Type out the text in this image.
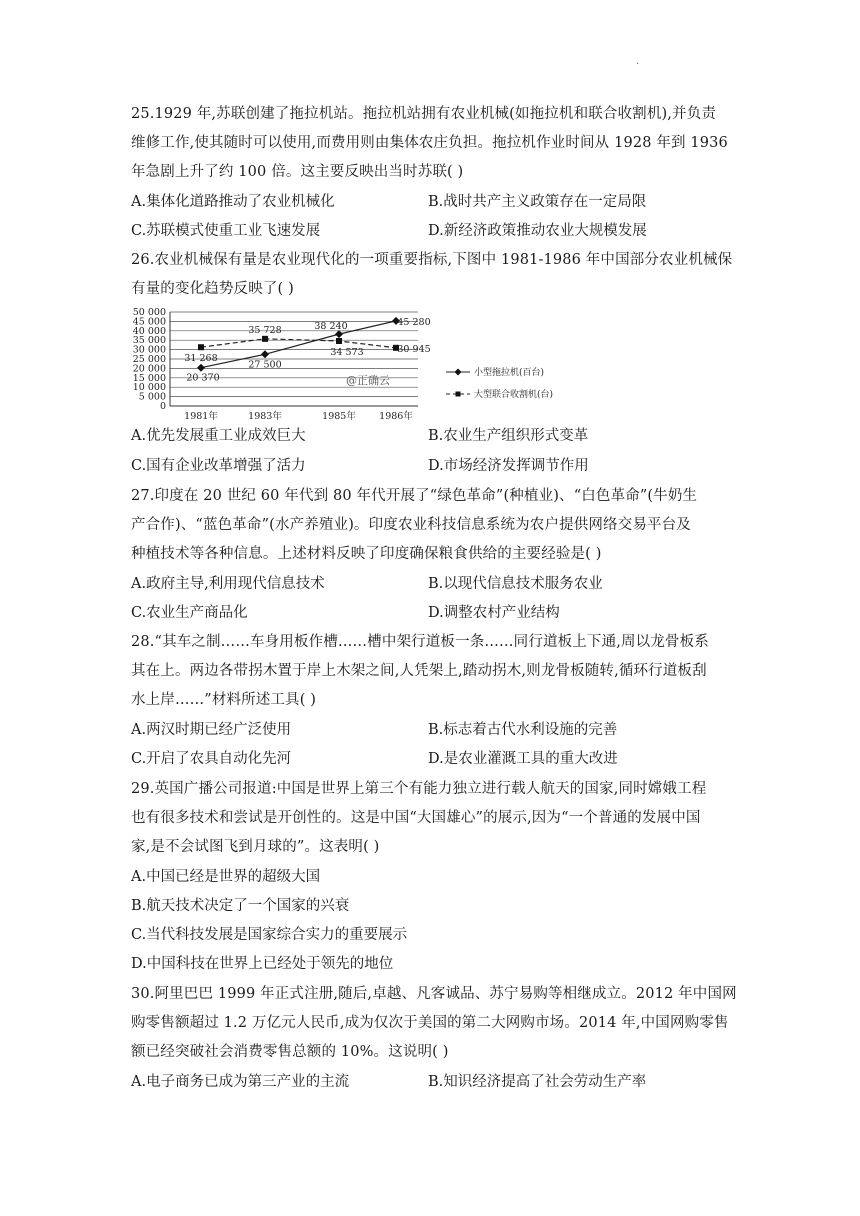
.
25.1929 年,苏联创建了拖拉机站。拖拉机站拥有农业机械(如拖拉机和联合收割机),并负责
维修工作,使其随时可以使用,而费用则由集体农庄负担。拖拉机作业时间从 1928 年到 1936
年急剧上升了约 100 倍。这主要反映出当时苏联( )
A.集体化道路推动了农业机械化	B.战时共产主义政策存在一定局限
C.苏联模式使重工业飞速发展	D.新经济政策推动农业大规模发展
26.农业机械保有量是农业现代化的一项重要指标,下图中 1981-1986 年中国部分农业机械保
有量的变化趋势反映了( )
0
5 000
10 000
15 000
20 000
25 000
30 000
35 000
40 000
45 000
50 000
1981年	1983年	1985年 1986年
@正确云
20 370
27 500
38 240	45 280
31 268
35 728
34 573	30 945
小型拖拉机(百台)
大型联合收割机(台)
A.优先发展重工业成效巨大	B.农业生产组织形式变革
C.国有企业改革增强了活力	D.市场经济发挥调节作用
27.印度在 20 世纪 60 年代到 80 年代开展了“绿色革命”(种植业)、“白色革命”(牛奶生
产合作)、“蓝色革命”(水产养殖业)。印度农业科技信息系统为农户提供网络交易平台及
种植技术等各种信息。上述材料反映了印度确保粮食供给的主要经验是( )
A.政府主导,利用现代信息技术	B.以现代信息技术服务农业
C.农业生产商品化	D.调整农村产业结构
28.“其车之制……车身用板作槽……槽中架行道板一条……同行道板上下通,周以龙骨板系
其在上。两边各带拐木置于岸上木架之间,人凭架上,踏动拐木,则龙骨板随转,循环行道板刮
水上岸……”材料所述工具( )
A.两汉时期已经广泛使用	B.标志着古代水利设施的完善
C.开启了农具自动化先河	D.是农业灌溉工具的重大改进
29.英国广播公司报道:中国是世界上第三个有能力独立进行载人航天的国家,同时嫦娥工程
也有很多技术和尝试是开创性的。这是中国“大国雄心”的展示,因为“一个普通的发展中国
家,是不会试图飞到月球的”。这表明( )
A.中国已经是世界的超级大国
B.航天技术决定了一个国家的兴衰
C.当代科技发展是国家综合实力的重要展示
D.中国科技在世界上已经处于领先的地位
30.阿里巴巴 1999 年正式注册,随后,卓越、凡客诚品、苏宁易购等相继成立。2012 年中国网
购零售额超过 1.2 万亿元人民币,成为仅次于美国的第二大网购市场。2014 年,中国网购零售
额已经突破社会消费零售总额的 10%。这说明( )
A.电子商务已成为第三产业的主流	B.知识经济提高了社会劳动生产率
